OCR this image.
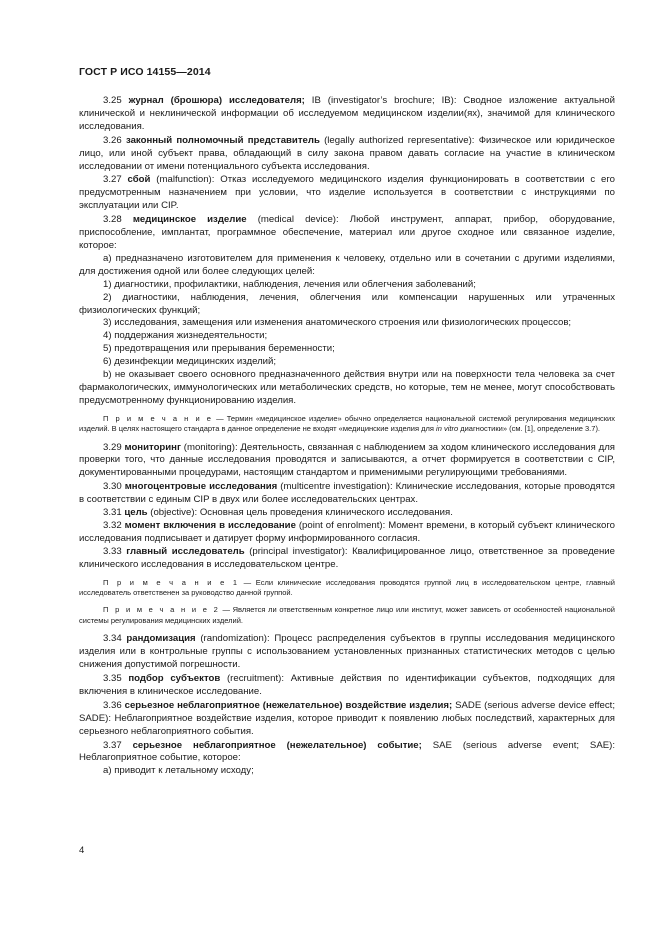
ГОСТ Р ИСО 14155—2014

3.25 журнал (брошюра) исследователя; IB (investigator’s brochure; IB): Сводное изложение актуальной клинической и неклинической информации об исследуемом медицинском изделии(ях), значимой для клинического исследования.

3.26 законный полномочный представитель (legally authorized representative): Физическое или юридическое лицо, или иной субъект права, обладающий в силу закона правом давать согласие на участие в клиническом исследовании от имени потенциального субъекта исследования.

3.27 сбой (malfunction): Отказ исследуемого медицинского изделия функционировать в соответствии с его предусмотренным назначением при условии, что изделие используется в соответствии с инструкциями по эксплуатации или CIP.

3.28 медицинское изделие (medical device): Любой инструмент, аппарат, прибор, оборудование, приспособление, имплантат, программное обеспечение, материал или другое сходное или связанное изделие, которое:

а) предназначено изготовителем для применения к человеку, отдельно или в сочетании с другими изделиями, для достижения одной или более следующих целей:

1) диагностики, профилактики, наблюдения, лечения или облегчения заболеваний;

2) диагностики, наблюдения, лечения, облегчения или компенсации нарушенных или утраченных физиологических функций;

3) исследования, замещения или изменения анатомического строения или физиологических процессов;

4) поддержания жизнедеятельности;

5) предотвращения или прерывания беременности;

6) дезинфекции медицинских изделий;

b) не оказывает своего основного предназначенного действия внутри или на поверхности тела человека за счет фармакологических, иммунологических или метаболических средств, но которые, тем не менее, могут способствовать предусмотренному функционированию изделия.

П р и м е ч а н и е — Термин «медицинское изделие» обычно определяется национальной системой регулирования медицинских изделий. В целях настоящего стандарта в данное определение не входят «медицинские изделия для in vitro диагностики» (см. [1], определение 3.7).

3.29 мониторинг (monitoring): Деятельность, связанная с наблюдением за ходом клинического исследования для проверки того, что данные исследования проводятся и записываются, а отчет формируется в соответствии с CIP, документированными процедурами, настоящим стандартом и применимыми регулирующими требованиями.

3.30 многоцентровые исследования (multicentre investigation): Клинические исследования, которые проводятся в соответствии с единым CIP в двух или более исследовательских центрах.

3.31 цель (objective): Основная цель проведения клинического исследования.

3.32 момент включения в исследование (point of enrolment): Момент времени, в который субъект клинического исследования подписывает и датирует форму информированного согласия.

3.33 главный исследователь (principal investigator): Квалифицированное лицо, ответственное за проведение клинического исследования в исследовательском центре.

П р и м е ч а н и е 1 — Если клинические исследования проводятся группой лиц в исследовательском центре, главный исследователь ответственен за руководство данной группой.

П р и м е ч а н и е 2 — Является ли ответственным конкретное лицо или институт, может зависеть от особенностей национальной системы регулирования медицинских изделий.

3.34 рандомизация (randomization): Процесс распределения субъектов в группы исследования медицинского изделия или в контрольные группы с использованием установленных признанных статистических методов с целью снижения допустимой погрешности.

3.35 подбор субъектов (recruitment): Активные действия по идентификации субъектов, подходящих для включения в клиническое исследование.

3.36 серьезное неблагоприятное (нежелательное) воздействие изделия; SADE (serious adverse device effect; SADE): Неблагоприятное воздействие изделия, которое приводит к появлению любых последствий, характерных для серьезного неблагоприятного события.

3.37 серьезное неблагоприятное (нежелательное) событие; SAE (serious adverse event; SAE): Неблагоприятное событие, которое:

а) приводит к летальному исходу;

4
